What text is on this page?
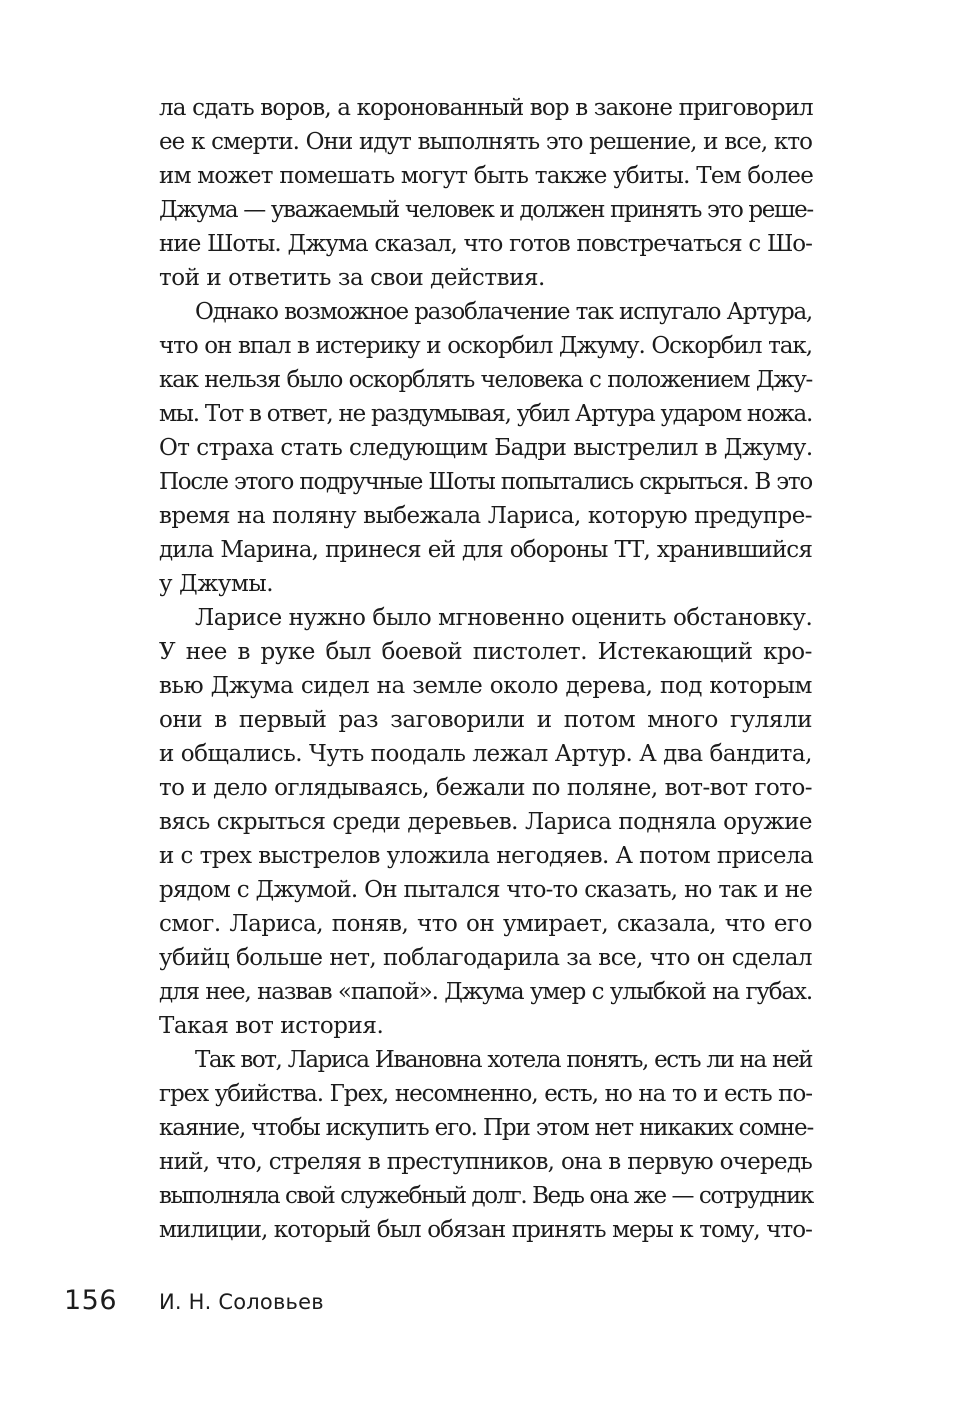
ла сдать воров, а коронованный вор в законе приговорил
ее к смерти. Они идут выполнять это решение, и все, кто
им может помешать могут быть также убиты. Тем более
Джума — уважаемый человек и должен принять это реше-
ние Шоты. Джума сказал, что готов повстречаться с Шо-
той и ответить за свои действия.
Однако возможное разоблачение так испугало Артура,
что он впал в истерику и оскорбил Джуму. Оскорбил так,
как нельзя было оскорблять человека с положением Джу-
мы. Тот в ответ, не раздумывая, убил Артура ударом ножа.
От страха стать следующим Бадри выстрелил в Джуму.
После этого подручные Шоты попытались скрыться. В это
время на поляну выбежала Лариса, которую предупре-
дила Марина, принеся ей для обороны ТТ, хранившийся
у Джумы.
Ларисе нужно было мгновенно оценить обстановку.
У нее в руке был боевой пистолет. Истекающий кро-
вью Джума сидел на земле около дерева, под которым
они в первый раз заговорили и потом много гуляли
и общались. Чуть поодаль лежал Артур. А два бандита,
то и дело оглядываясь, бежали по поляне, вот-вот гото-
вясь скрыться среди деревьев. Лариса подняла оружие
и с трех выстрелов уложила негодяев. А потом присела
рядом с Джумой. Он пытался что-то сказать, но так и не
смог. Лариса, поняв, что он умирает, сказала, что его
убийц больше нет, поблагодарила за все, что он сделал
для нее, назвав «папой». Джума умер с улыбкой на губах.
Такая вот история.
Так вот, Лариса Ивановна хотела понять, есть ли на ней
грех убийства. Грех, несомненно, есть, но на то и есть по-
каяние, чтобы искупить его. При этом нет никаких сомне-
ний, что, стреляя в преступников, она в первую очередь
выполняла свой служебный долг. Ведь она же — сотрудник
милиции, который был обязан принять меры к тому, что-
156 И. Н. Соловьев
